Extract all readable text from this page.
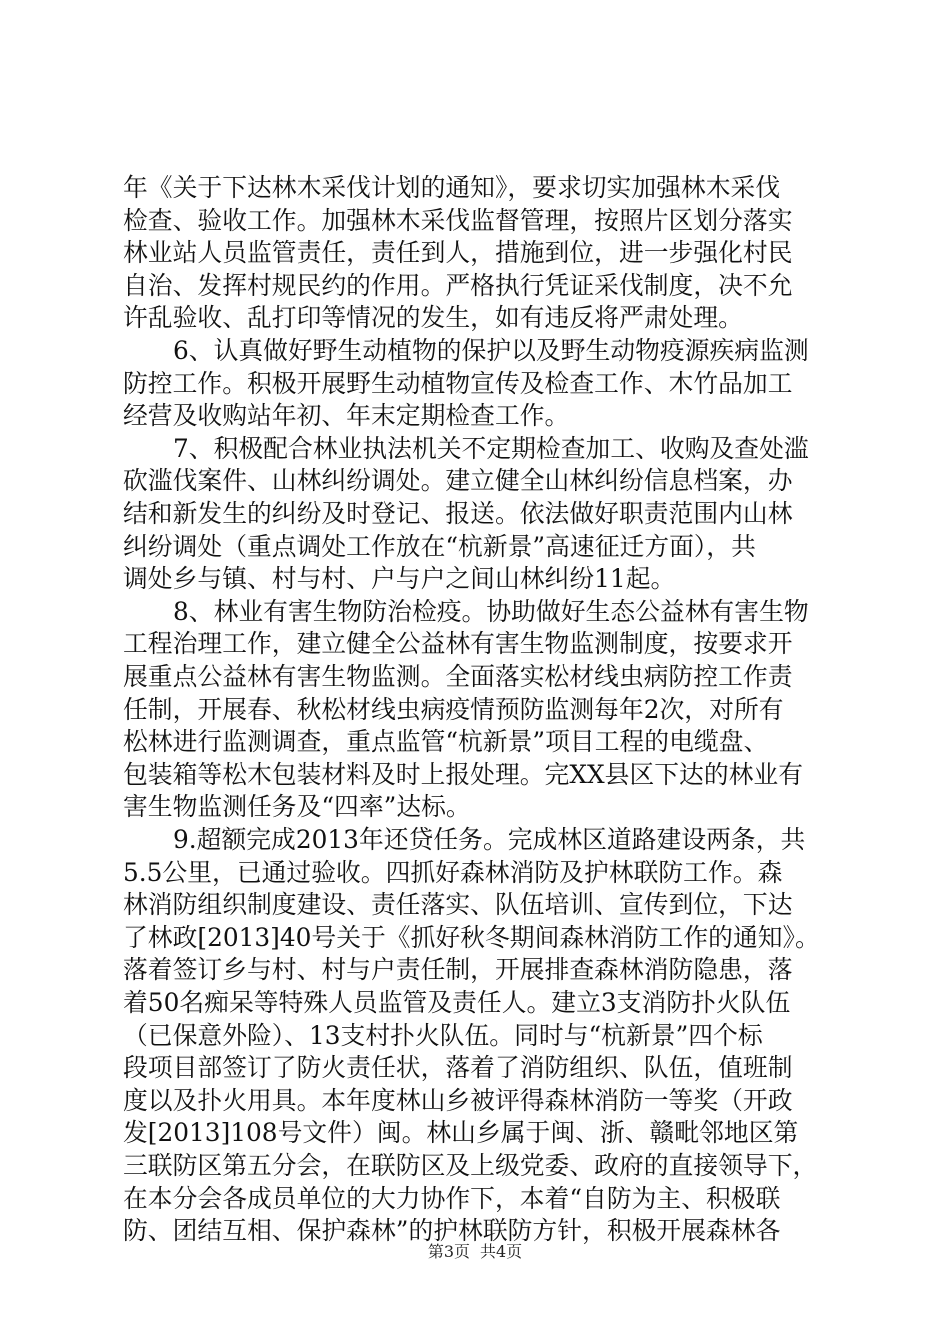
年《关于下达林木采伐计划的通知》，要求切实加强林木采伐
检查、验收工作。加强林木采伐监督管理，按照片区划分落实
林业站人员监管责任，责任到人，措施到位，进一步强化村民
自治、发挥村规民约的作用。严格执行凭证采伐制度，决不允
许乱验收、乱打印等情况的发生，如有违反将严肃处理。
6、认真做好野生动植物的保护以及野生动物疫源疾病监测
防控工作。积极开展野生动植物宣传及检查工作、木竹品加工
经营及收购站年初、年末定期检查工作。
7、积极配合林业执法机关不定期检查加工、收购及查处滥
砍滥伐案件、山林纠纷调处。建立健全山林纠纷信息档案，办
结和新发生的纠纷及时登记、报送。依法做好职责范围内山林
纠纷调处（重点调处工作放在“杭新景”高速征迁方面），共
调处乡与镇、村与村、户与户之间山林纠纷11起。
8、林业有害生物防治检疫。协助做好生态公益林有害生物
工程治理工作，建立健全公益林有害生物监测制度，按要求开
展重点公益林有害生物监测。全面落实松材线虫病防控工作责
任制，开展春、秋松材线虫病疫情预防监测每年2次，对所有
松林进行监测调查，重点监管“杭新景”项目工程的电缆盘、
包装箱等松木包装材料及时上报处理。完XX县区下达的林业有
害生物监测任务及“四率”达标。
9.超额完成2013年还贷任务。完成林区道路建设两条，共
5.5公里，已通过验收。四抓好森林消防及护林联防工作。森
林消防组织制度建设、责任落实、队伍培训、宣传到位，下达
了林政[2013]40号关于《抓好秋冬期间森林消防工作的通知》。
落着签订乡与村、村与户责任制，开展排查森林消防隐患，落
着50名痴呆等特殊人员监管及责任人。建立3支消防扑火队伍
（已保意外险）、13支村扑火队伍。同时与“杭新景”四个标
段项目部签订了防火责任状，落着了消防组织、队伍，值班制
度以及扑火用具。本年度林山乡被评得森林消防一等奖（开政
发[2013]108号文件）闽。林山乡属于闽、浙、赣毗邻地区第
三联防区第五分会，在联防区及上级党委、政府的直接领导下，
在本分会各成员单位的大力协作下，本着“自防为主、积极联
防、团结互相、保护森林”的护林联防方针，积极开展森林各
第3页 共4页
